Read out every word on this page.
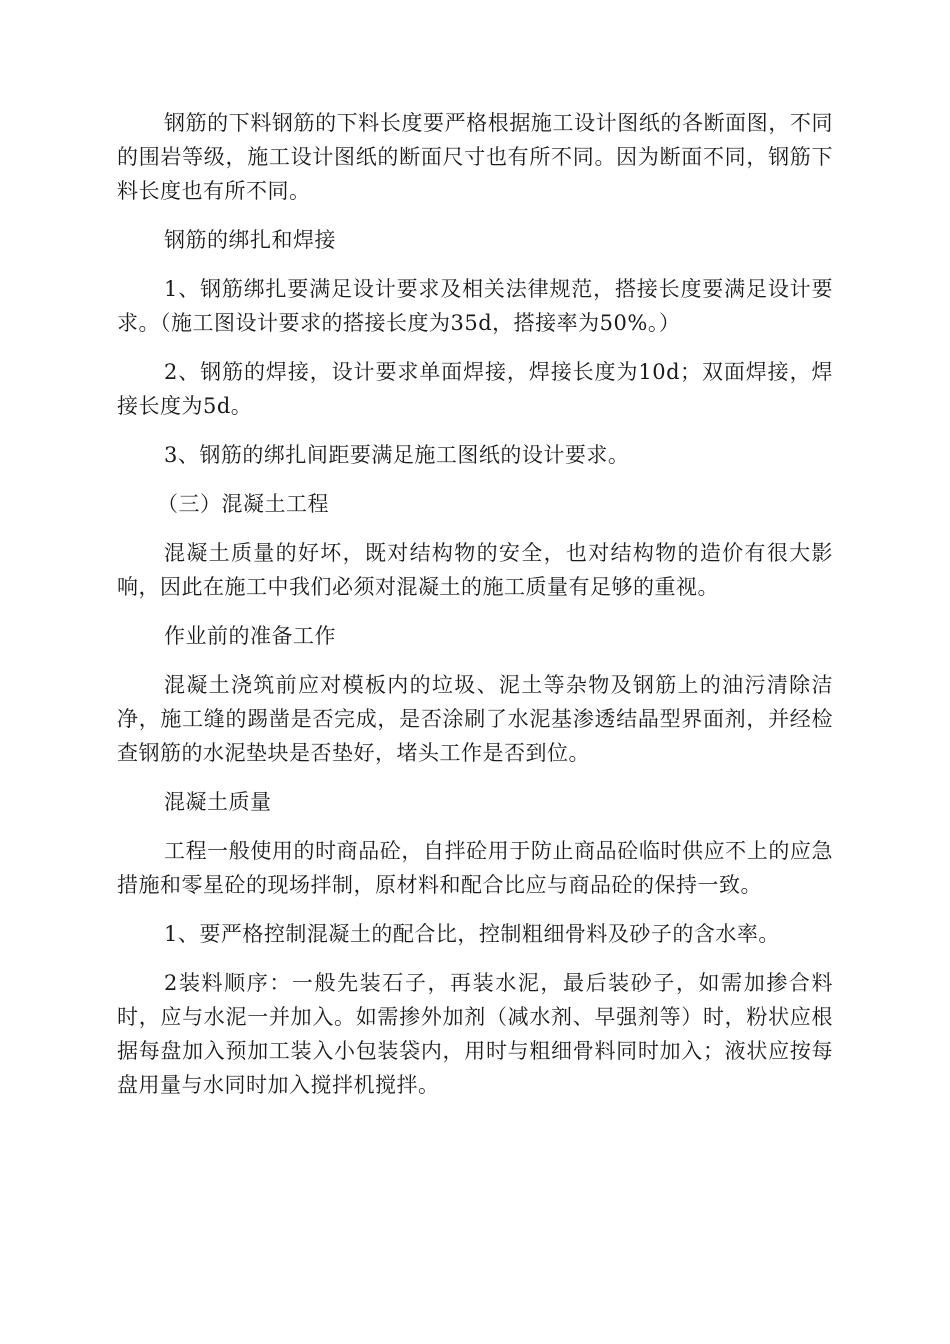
钢筋的下料钢筋的下料长度要严格根据施工设计图纸的各断面图，不同的围岩等级，施工设计图纸的断面尺寸也有所不同。因为断面不同，钢筋下料长度也有所不同。

钢筋的绑扎和焊接

1、钢筋绑扎要满足设计要求及相关法律规范，搭接长度要满足设计要求。（施工图设计要求的搭接长度为35d，搭接率为50%。）

2、钢筋的焊接，设计要求单面焊接，焊接长度为10d；双面焊接，焊接长度为5d。

3、钢筋的绑扎间距要满足施工图纸的设计要求。

（三）混凝土工程

混凝土质量的好坏，既对结构物的安全，也对结构物的造价有很大影响，因此在施工中我们必须对混凝土的施工质量有足够的重视。

作业前的准备工作

混凝土浇筑前应对模板内的垃圾、泥土等杂物及钢筋上的油污清除洁净，施工缝的踢凿是否完成，是否涂刷了水泥基渗透结晶型界面剂，并经检查钢筋的水泥垫块是否垫好，堵头工作是否到位。

混凝土质量

工程一般使用的时商品砼，自拌砼用于防止商品砼临时供应不上的应急措施和零星砼的现场拌制，原材料和配合比应与商品砼的保持一致。

1、要严格控制混凝土的配合比，控制粗细骨料及砂子的含水率。

2装料顺序：一般先装石子，再装水泥，最后装砂子，如需加掺合料时，应与水泥一并加入。如需掺外加剂（减水剂、早强剂等）时，粉状应根据每盘加入预加工装入小包装袋内，用时与粗细骨料同时加入；液状应按每盘用量与水同时加入搅拌机搅拌。
